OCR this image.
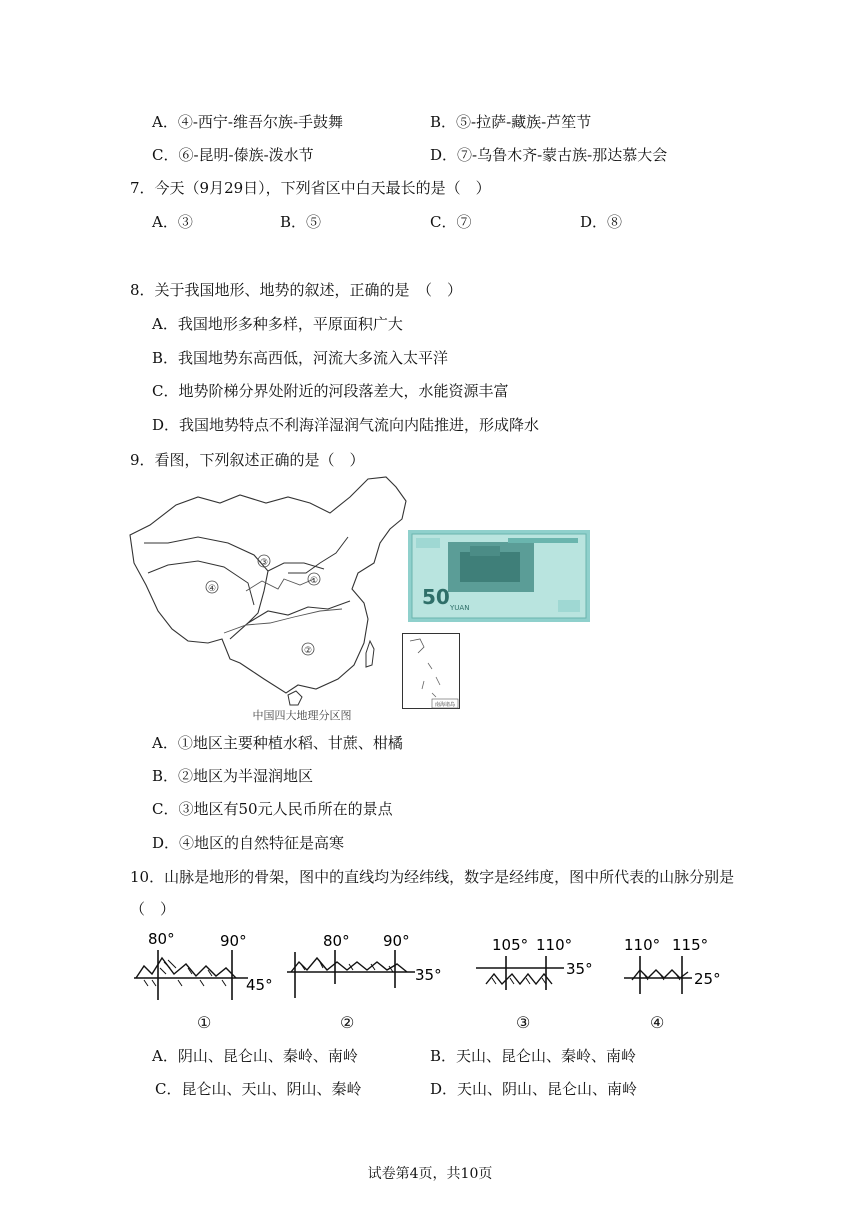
A．④-西宁-维吾尔族-手鼓舞	B．⑤-拉萨-藏族-芦笙节
C．⑥-昆明-傣族-泼水节	D．⑦-乌鲁木齐-蒙古族-那达慕大会
7．今天（9月29日），下列省区中白天最长的是（　）
A．③	B．⑤	C．⑦	D．⑧
8．关于我国地形、地势的叙述，正确的是　（　）
A．我国地形多种多样，平原面积广大
B．我国地势东高西低，河流大多流入太平洋
C．地势阶梯分界处附近的河段落差大，水能资源丰富
D．我国地势特点不利海洋湿润气流向内陆推进，形成降水
9．看图，下列叙述正确的是（　）
③
①
④
②
中国四大地理分区图
50 YUAN
南海诸岛
A．①地区主要种植水稻、甘蔗、柑橘
B．②地区为半湿润地区
C．③地区有50元人民币所在的景点
D．④地区的自然特征是高寒
10．山脉是地形的骨架，图中的直线均为经纬线，数字是经纬度，图中所代表的山脉分别是
（　）
80°	90°
45°
①
80° 90°
35°
②
105° 110°
35°
③
110° 115°
25°
④
A．阴山、昆仑山、秦岭、南岭	B．天山、昆仑山、秦岭、南岭
C．昆仑山、天山、阴山、秦岭	D．天山、阴山、昆仑山、南岭
试卷第4页，共10页
